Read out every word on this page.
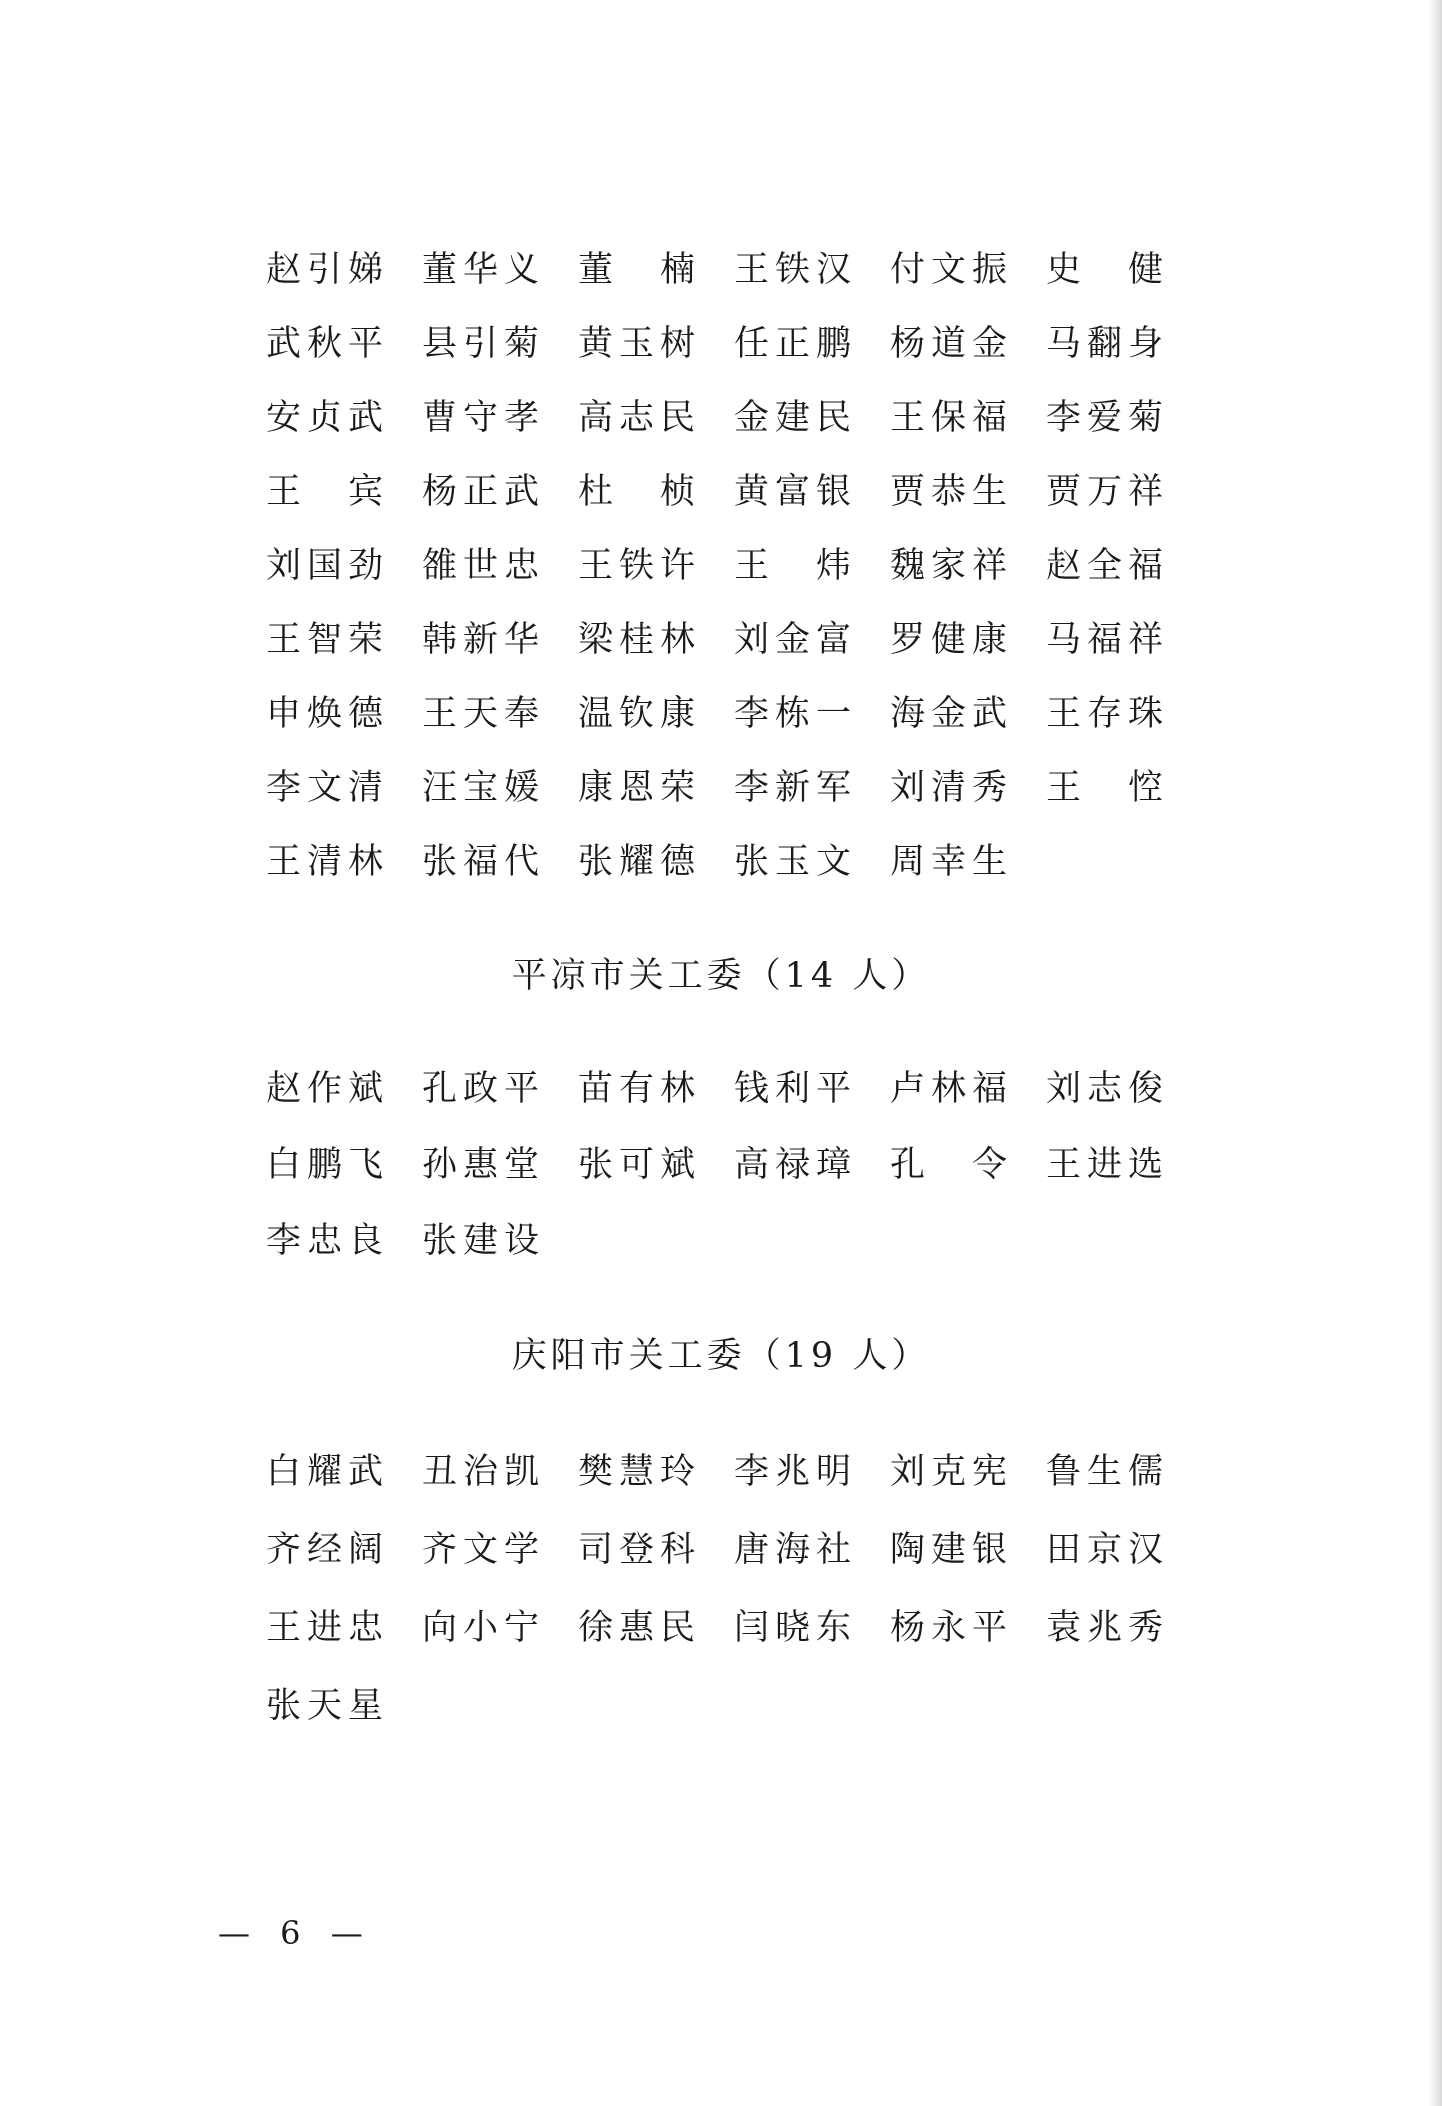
赵引娣 董华义 董　楠 王铁汉 付文振 史　健
武秋平 县引菊 黄玉树 任正鹏 杨道金 马翻身
安贞武 曹守孝 高志民 金建民 王保福 李爱菊
王　宾 杨正武 杜　桢 黄富银 贾恭生 贾万祥
刘国劲 雒世忠 王铁许 王　炜 魏家祥 赵全福
王智荣 韩新华 梁桂林 刘金富 罗健康 马福祥
申焕德 王天奉 温钦康 李栋一 海金武 王存珠
李文清 汪宝媛 康恩荣 李新军 刘清秀 王　悾
王清林 张福代 张耀德 张玉文 周幸生
平凉市关工委（14 人）
赵作斌 孔政平 苗有林 钱利平 卢林福 刘志俊
白鹏飞 孙惠堂 张可斌 高禄璋 孔　令 王进选
李忠良 张建设
庆阳市关工委（19 人）
白耀武 丑治凯 樊慧玲 李兆明 刘克宪 鲁生儒
齐经阔 齐文学 司登科 唐海社 陶建银 田京汉
王进忠 向小宁 徐惠民 闫晓东 杨永平 袁兆秀
张天星
— 6 —
